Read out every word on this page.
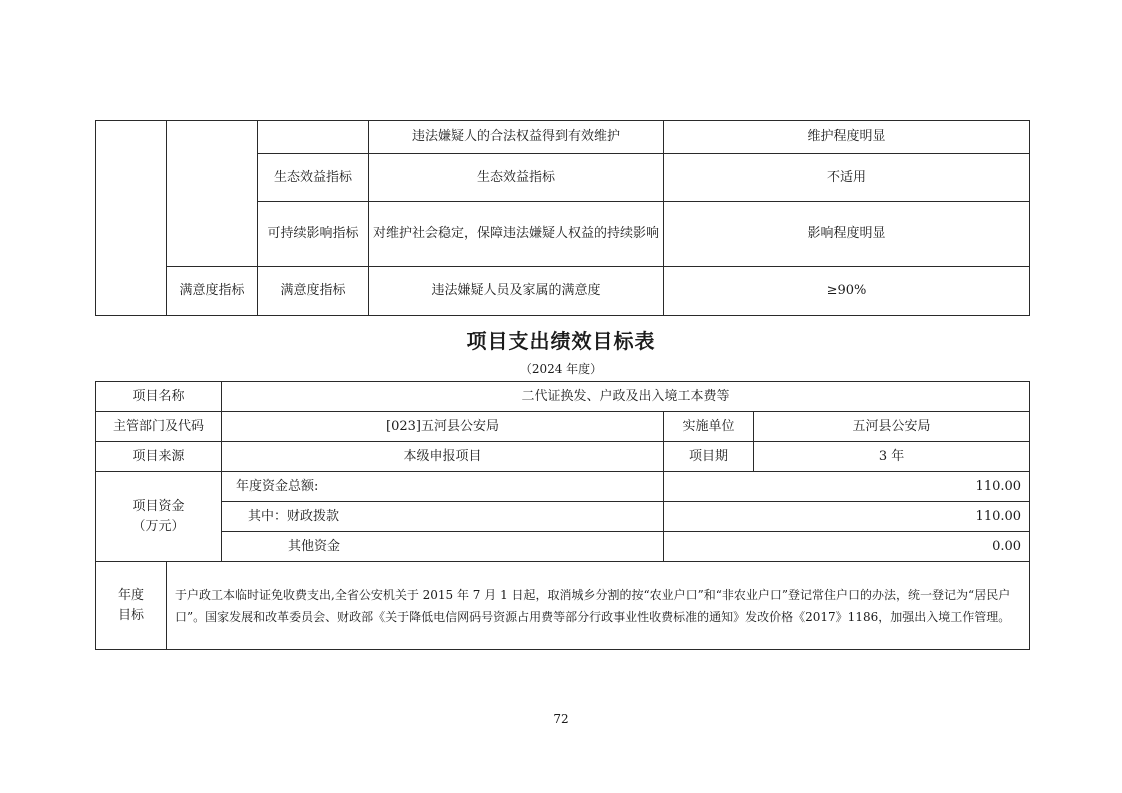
			违法嫌疑人的合法权益得到有效维护	维护程度明显
		生态效益指标	生态效益指标	不适用
		可持续影响指标	对维护社会稳定，保障违法嫌疑人权益的持续影响	影响程度明显
	满意度指标	满意度指标	违法嫌疑人员及家属的满意度	≥90%
项目支出绩效目标表
（2024 年度）
项目名称		二代证换发、户政及出入境工本费等		
主管部门及代码		[023]五河县公安局	实施单位	五河县公安局
项目来源		本级申报项目	项目期	3 年

项目资金
（万元）		年度资金总额:	110.00	
		其中：财政拨款	110.00	
		其他资金	0.00	

年度
目标	于户政工本临时证免收费支出,全省公安机关于 2015 年 7 月 1 日起，取消城乡分割的按“农业户口”和“非农业户口”登记常住户口的办法，统一登记为“居民户口”。国家发展和改革委员会、财政部《关于降低电信网码号资源占用费等部分行政事业性收费标准的通知》发改价格《2017》1186，加强出入境工作管理。			
72
